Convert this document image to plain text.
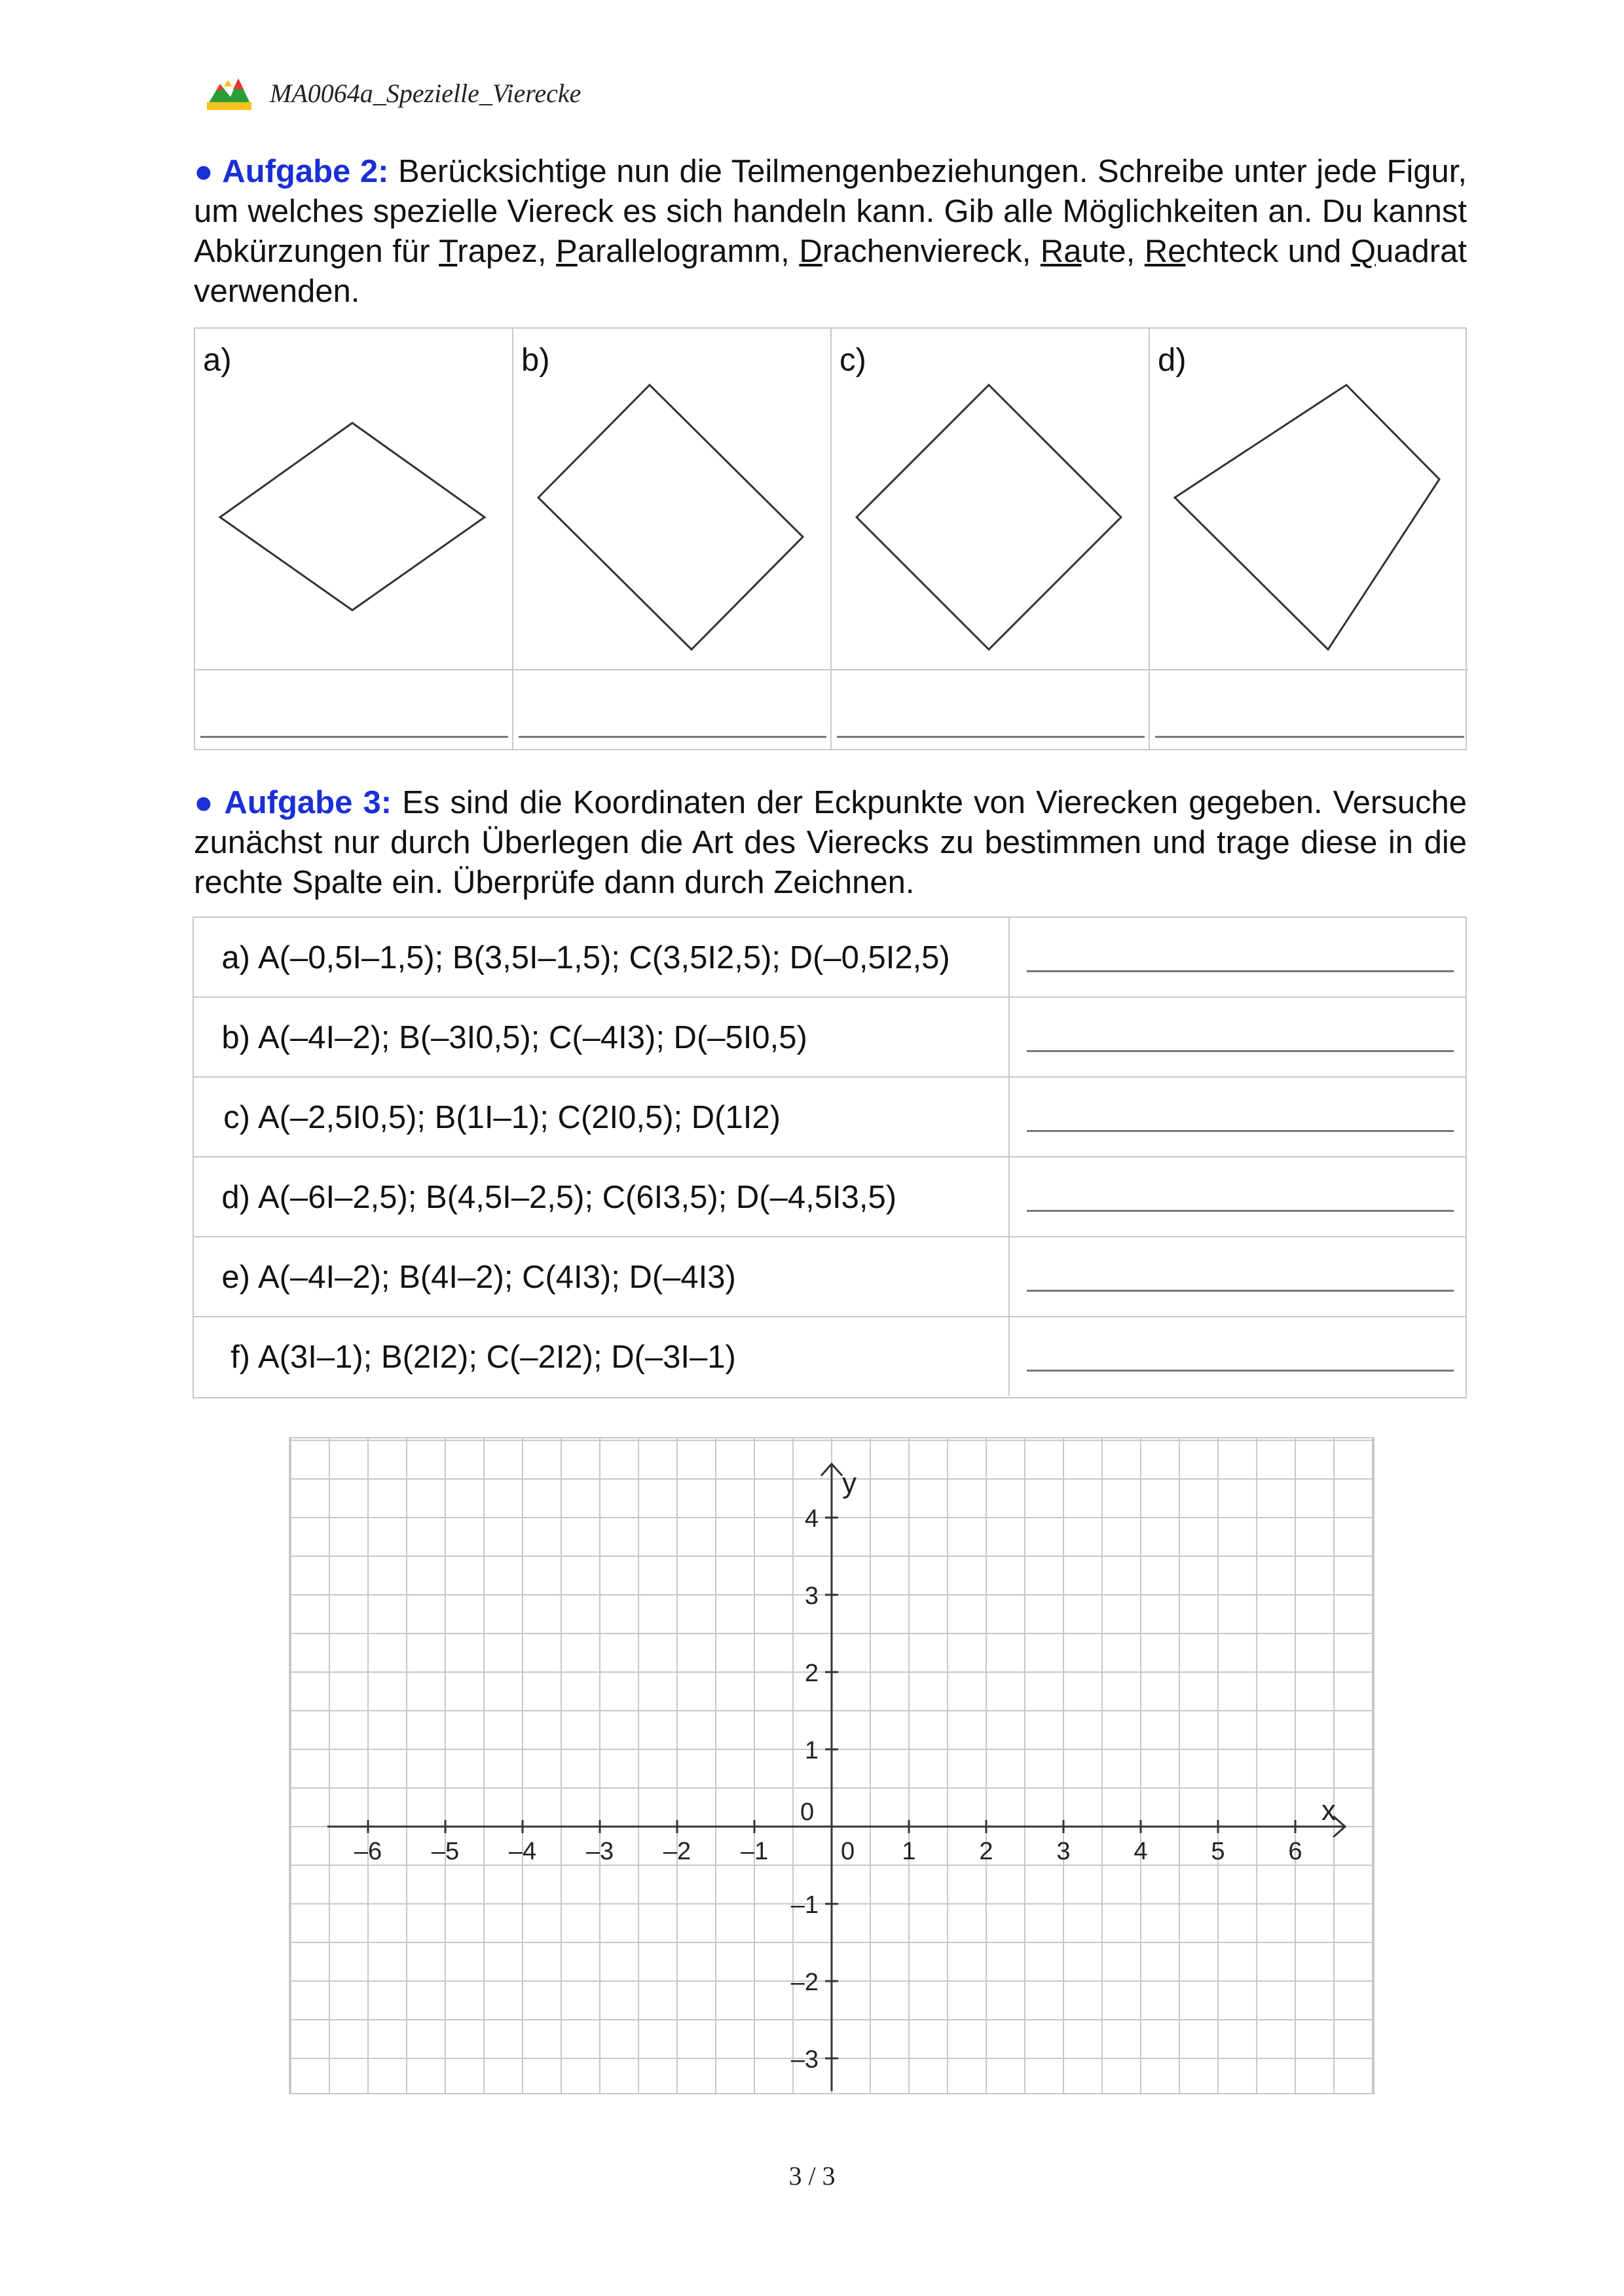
MA0064a_Spezielle_Vierecke
● Aufgabe 2: Berücksichtige nun die Teilmengenbeziehungen. Schreibe unter jede Figur, um welches spezielle Viereck es sich handeln kann. Gib alle Möglichkeiten an. Du kannst Abkürzungen für Trapez, Parallelogramm, Drachenviereck, Raute, Rechteck und Quadrat verwenden.
a)	b)	c)	d)
● Aufgabe 3: Es sind die Koordinaten der Eckpunkte von Vierecken gegeben. Versuche zunächst nur durch Überlegen die Art des Vierecks zu bestimmen und trage diese in die rechte Spalte ein. Überprüfe dann durch Zeichnen.
a) A(–0,5I–1,5); B(3,5I–1,5); C(3,5I2,5); D(–0,5I2,5)
b) A(–4I–2); B(–3I0,5); C(–4I3); D(–5I0,5)
c) A(–2,5I0,5); B(1I–1); C(2I0,5); D(1I2)
d) A(–6I–2,5); B(4,5I–2,5); C(6I3,5); D(–4,5I3,5)
e) A(–4I–2); B(4I–2); C(4I3); D(–4I3)
f) A(3I–1); B(2I2); C(–2I2); D(–3I–1)
x
y
0
0
–6 –5 –4 –3 –2 –1	1	2	3	4	5	6
4
3
2
1
–1
–2
–3
3 / 3
